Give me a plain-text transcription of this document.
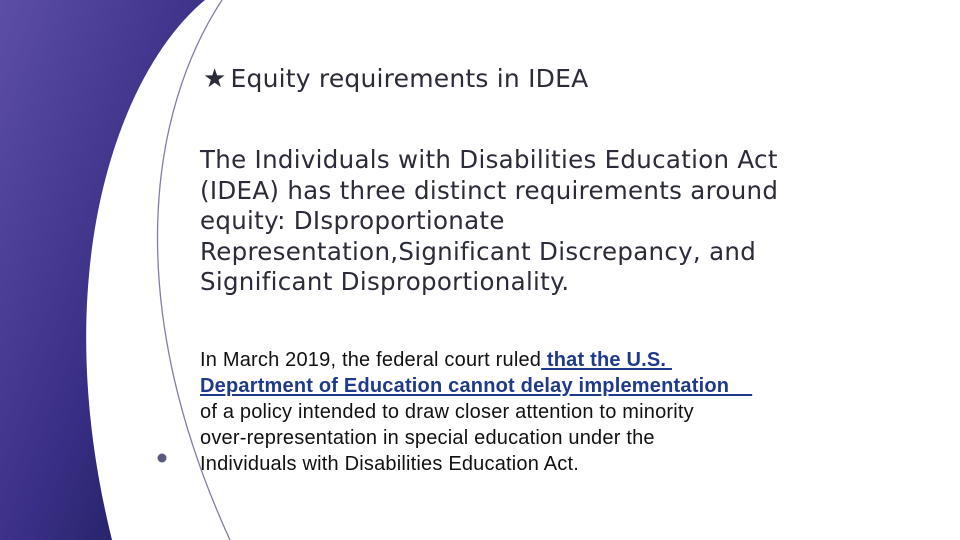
★ Equity requirements in IDEA
The Individuals with Disabilities Education Act
(IDEA) has three distinct requirements around
equity: DIsproportionate
Representation,Significant Discrepancy, and
Significant Disproportionality.
In March 2019, the federal court ruled that the U.S.
Department of Education cannot delay implementation
of a policy intended to draw closer attention to minority
over-representation in special education under the
Individuals with Disabilities Education Act.
